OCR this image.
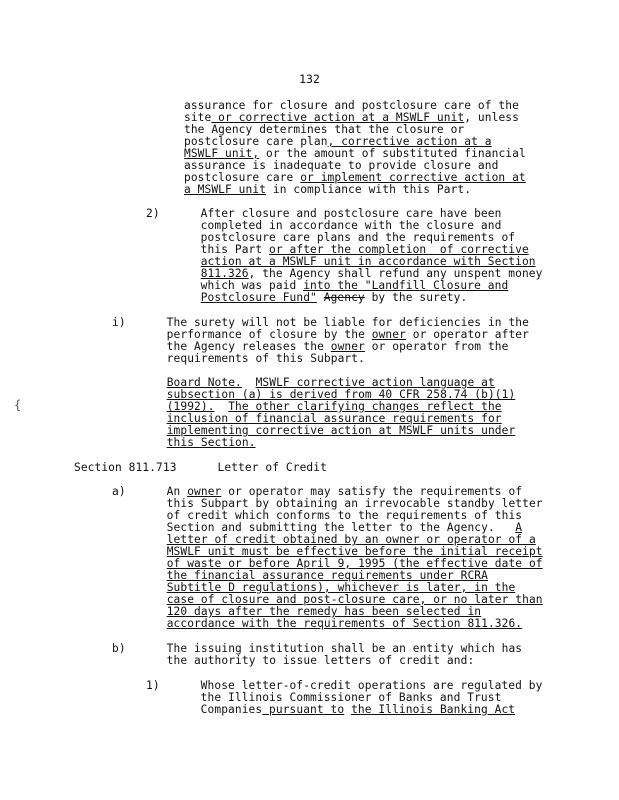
132
{
assurance for closure and postclosure care of the
site or corrective action at a MSWLF unit, unless
the Agency determines that the closure or
postclosure care plan, corrective action at a
MSWLF unit, or the amount of substituted financial
assurance is inadequate to provide closure and
postclosure care or implement corrective action at
a MSWLF unit in compliance with this Part.
2)      After closure and postclosure care have been
completed in accordance with the closure and
postclosure care plans and the requirements of
this Part or after the completion  of corrective
action at a MSWLF unit in accordance with Section
811.326, the Agency shall refund any unspent money
which was paid into the "Landfill Closure and
Postclosure Fund" Agency by the surety.
i)      The surety will not be liable for deficiencies in the
performance of closure by the owner or operator after
the Agency releases the owner or operator from the
requirements of this Subpart.
Board Note. MSWLF corrective action language at
subsection (a) is derived from 40 CFR 258.74 (b)(1)
(1992). The other clarifying changes reflect the
inclusion of financial assurance requirements for
implementing corrective action at MSWLF units under
this Section.
Section 811.713      Letter of Credit
a)      An owner or operator may satisfy the requirements of
this Subpart by obtaining an irrevocable standby letter
of credit which conforms to the requirements of this
Section and submitting the letter to the Agency.   A
letter of credit obtained by an owner or operator of a
MSWLF unit must be effective before the initial receipt
of waste or before April 9, 1995 (the effective date of
the financial assurance requirements under RCRA
Subtitle D regulations), whichever is later, in the
case of closure and post-closure care, or no later than
120 days after the remedy has been selected in
accordance with the requirements of Section 811.326.
b)      The issuing institution shall be an entity which has
the authority to issue letters of credit and:
1)      Whose letter-of-credit operations are regulated by
the Illinois Commissioner of Banks and Trust
Companies pursuant to the Illinois Banking Act
